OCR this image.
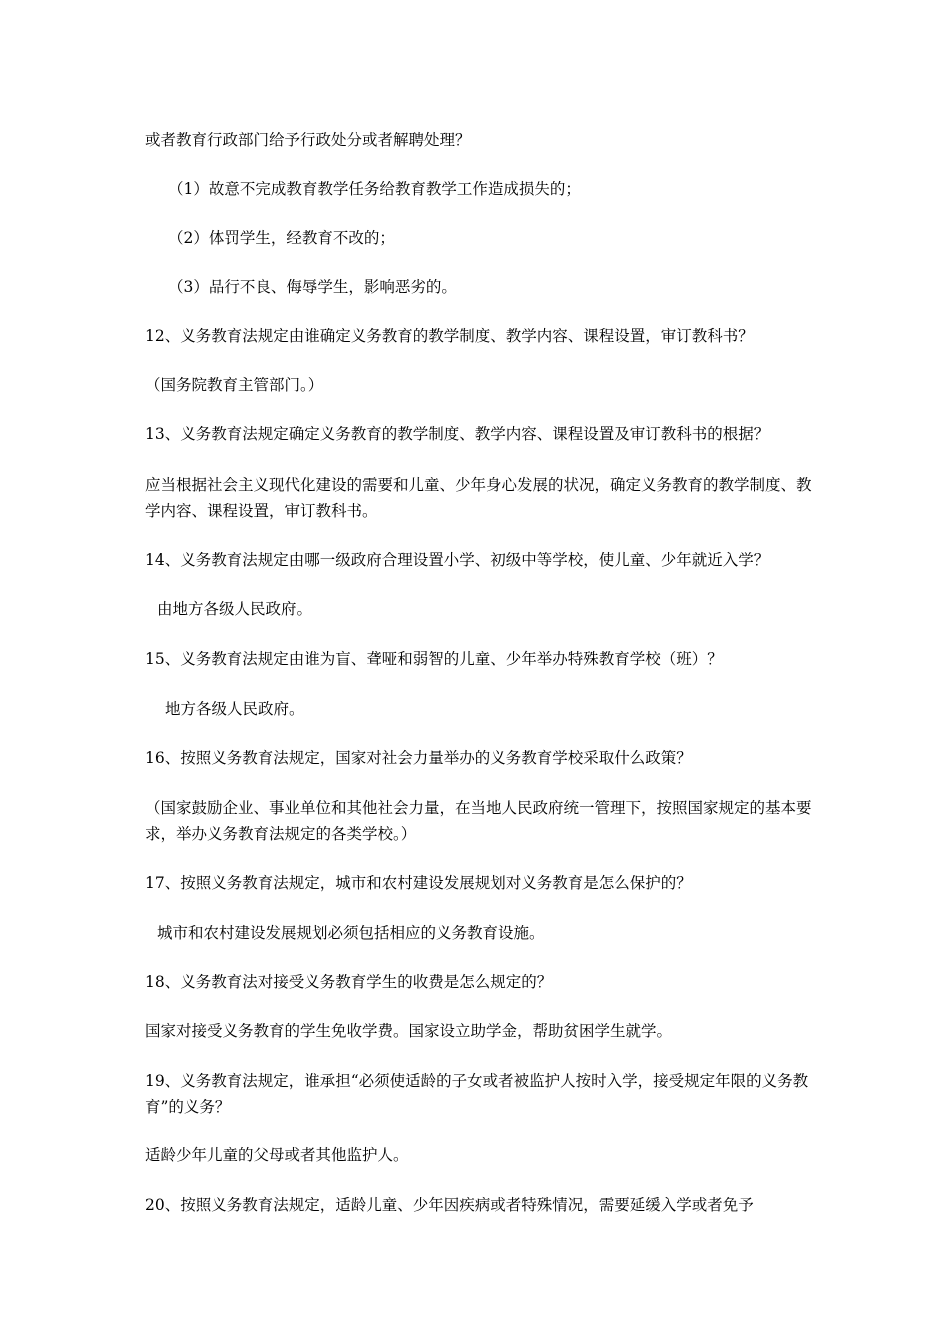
或者教育行政部门给予行政处分或者解聘处理？

（1）故意不完成教育教学任务给教育教学工作造成损失的；

（2）体罚学生，经教育不改的；

（3）品行不良、侮辱学生，影响恶劣的。

12、义务教育法规定由谁确定义务教育的教学制度、教学内容、课程设置，审订教科书？

（国务院教育主管部门。）

13、义务教育法规定确定义务教育的教学制度、教学内容、课程设置及审订教科书的根据？

应当根据社会主义现代化建设的需要和儿童、少年身心发展的状况，确定义务教育的教学制度、教学内容、课程设置，审订教科书。

14、义务教育法规定由哪一级政府合理设置小学、初级中等学校，使儿童、少年就近入学？

由地方各级人民政府。

15、义务教育法规定由谁为盲、聋哑和弱智的儿童、少年举办特殊教育学校（班）？

地方各级人民政府。

16、按照义务教育法规定，国家对社会力量举办的义务教育学校采取什么政策？

（国家鼓励企业、事业单位和其他社会力量，在当地人民政府统一管理下，按照国家规定的基本要求，举办义务教育法规定的各类学校。）

17、按照义务教育法规定，城市和农村建设发展规划对义务教育是怎么保护的？

城市和农村建设发展规划必须包括相应的义务教育设施。

18、义务教育法对接受义务教育学生的收费是怎么规定的？

国家对接受义务教育的学生免收学费。国家设立助学金，帮助贫困学生就学。

19、义务教育法规定，谁承担“必须使适龄的子女或者被监护人按时入学，接受规定年限的义务教育”的义务？

适龄少年儿童的父母或者其他监护人。

20、按照义务教育法规定，适龄儿童、少年因疾病或者特殊情况，需要延缓入学或者免予
